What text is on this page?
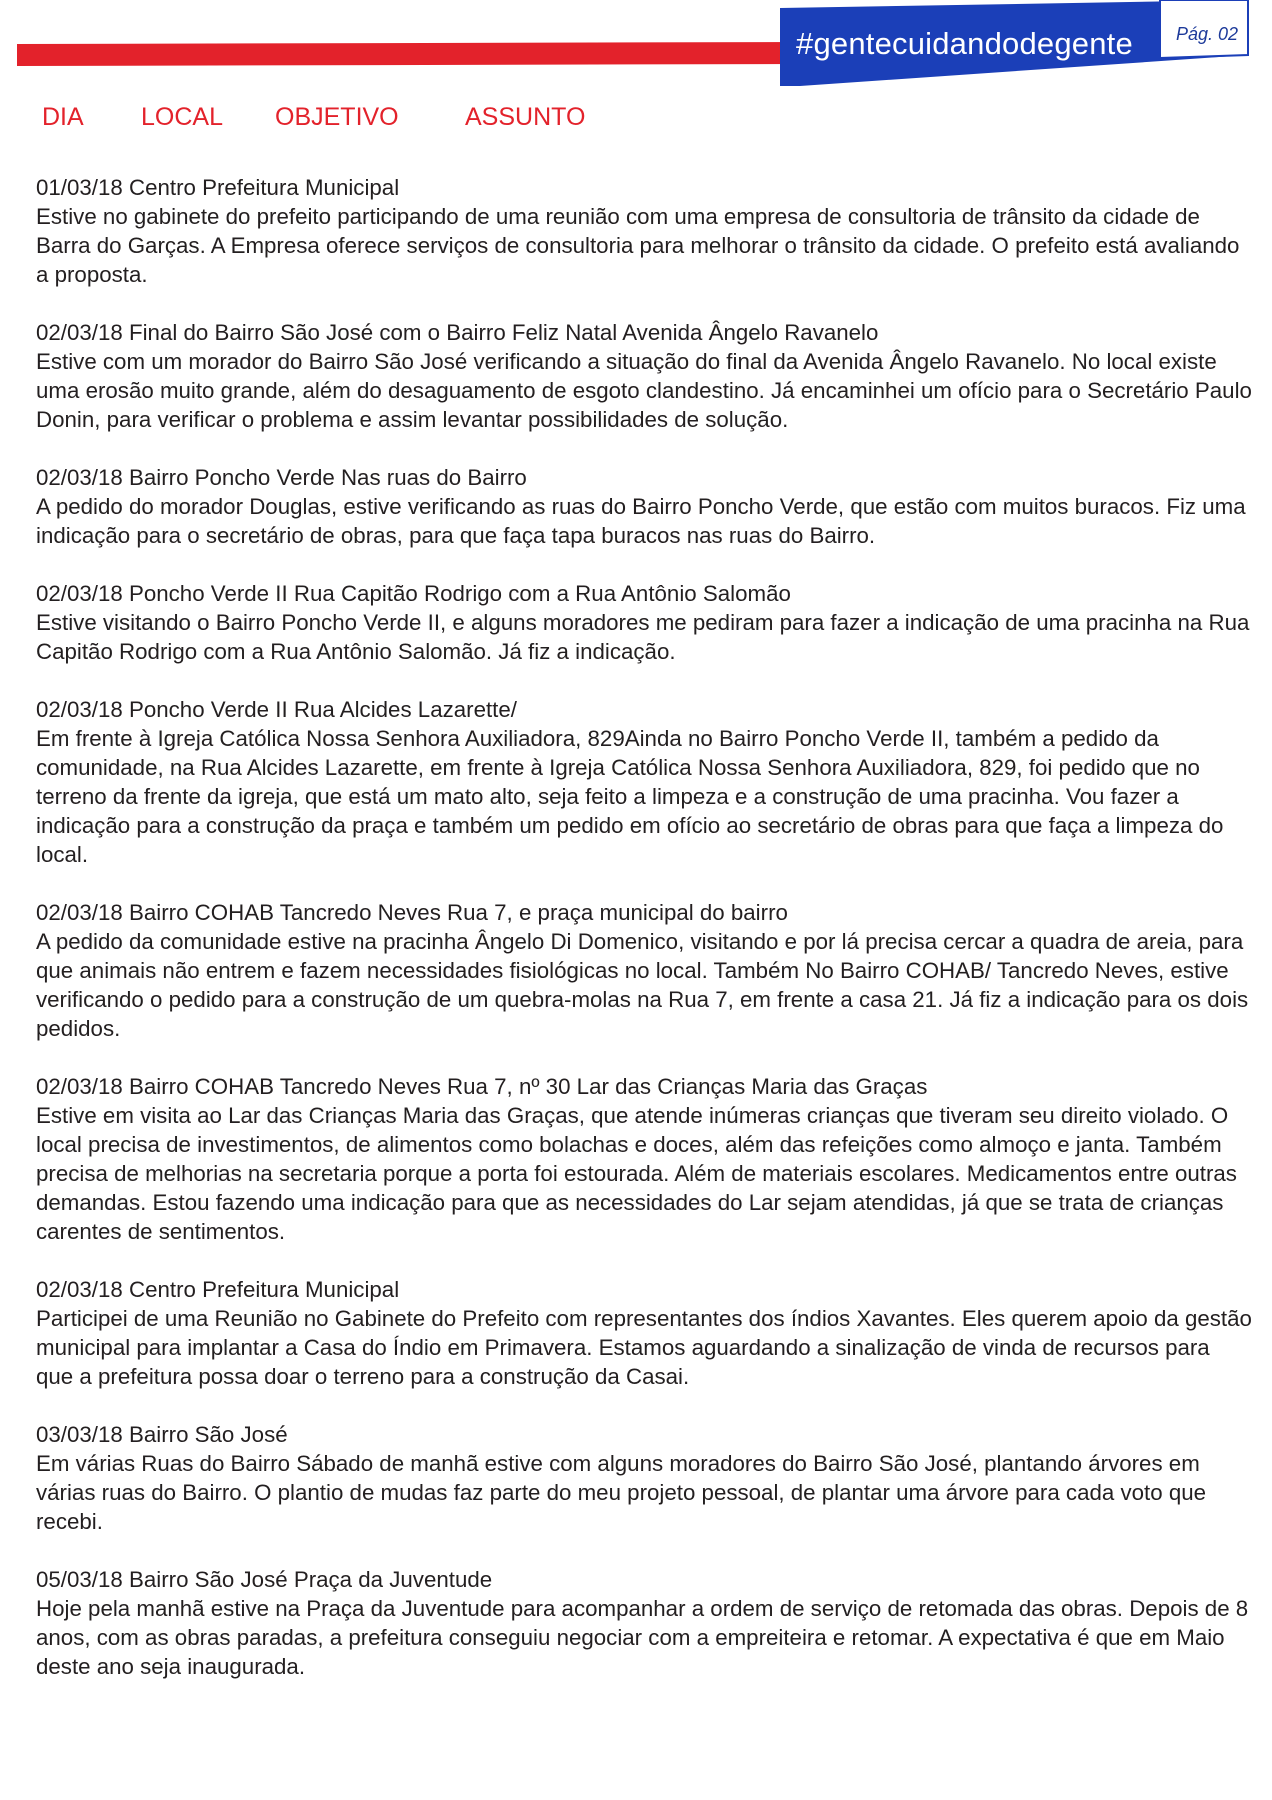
#gentecuidandodegente Pág. 02
DIA LOCAL OBJETIVO	ASSUNTO

01/03/18 Centro Prefeitura Municipal

Estive no gabinete do prefeito participando de uma reunião com uma empresa de consultoria de trânsito da cidade de Barra do Garças. A Empresa oferece serviços de consultoria para melhorar o trânsito da cidade. O prefeito está avaliando a proposta.

02/03/18 Final do Bairro São José com o Bairro Feliz Natal Avenida Ângelo Ravanelo

Estive com um morador do Bairro São José verificando a situação do final da Avenida Ângelo Ravanelo. No local existe uma erosão muito grande, além do desaguamento de esgoto clandestino. Já encaminhei um ofício para o Secretário Paulo Donin, para verificar o problema e assim levantar possibilidades de solução.

02/03/18 Bairro Poncho Verde Nas ruas do Bairro

A pedido do morador Douglas, estive verificando as ruas do Bairro Poncho Verde, que estão com muitos buracos. Fiz uma indicação para o secretário de obras, para que faça tapa buracos nas ruas do Bairro.

02/03/18 Poncho Verde II Rua Capitão Rodrigo com a Rua Antônio Salomão

Estive visitando o Bairro Poncho Verde II, e alguns moradores me pediram para fazer a indicação de uma pracinha na Rua Capitão Rodrigo com a Rua Antônio Salomão. Já fiz a indicação.

02/03/18 Poncho Verde II Rua Alcides Lazarette/

Em frente à Igreja Católica Nossa Senhora Auxiliadora, 829Ainda no Bairro Poncho Verde II, também a pedido da comunidade, na Rua Alcides Lazarette, em frente à Igreja Católica Nossa Senhora Auxiliadora, 829, foi pedido que no terreno da frente da igreja, que está um mato alto, seja feito a limpeza e a construção de uma pracinha. Vou fazer a indicação para a construção da praça e também um pedido em ofício ao secretário de obras para que faça a limpeza do local.

02/03/18 Bairro COHAB Tancredo Neves Rua 7, e praça municipal do bairro

A pedido da comunidade estive na pracinha Ângelo Di Domenico, visitando e por lá precisa cercar a quadra de areia, para que animais não entrem e fazem necessidades fisiológicas no local. Também No Bairro COHAB/ Tancredo Neves, estive verificando o pedido para a construção de um quebra-molas na Rua 7, em frente a casa 21. Já fiz a indicação para os dois pedidos.

02/03/18 Bairro COHAB Tancredo Neves Rua 7, nº 30 Lar das Crianças Maria das Graças

Estive em visita ao Lar das Crianças Maria das Graças, que atende inúmeras crianças que tiveram seu direito violado. O local precisa de investimentos, de alimentos como bolachas e doces, além das refeições como almoço e janta. Também precisa de melhorias na secretaria porque a porta foi estourada. Além de materiais escolares. Medicamentos entre outras demandas. Estou fazendo uma indicação para que as necessidades do Lar sejam atendidas, já que se trata de crianças carentes de sentimentos.

02/03/18 Centro Prefeitura Municipal

Participei de uma Reunião no Gabinete do Prefeito com representantes dos índios Xavantes. Eles querem apoio da gestão municipal para implantar a Casa do Índio em Primavera. Estamos aguardando a sinalização de vinda de recursos para que a prefeitura possa doar o terreno para a construção da Casai.

03/03/18 Bairro São José

Em várias Ruas do Bairro Sábado de manhã estive com alguns moradores do Bairro São José, plantando árvores em várias ruas do Bairro. O plantio de mudas faz parte do meu projeto pessoal, de plantar uma árvore para cada voto que recebi.

05/03/18 Bairro São José Praça da Juventude

Hoje pela manhã estive na Praça da Juventude para acompanhar a ordem de serviço de retomada das obras. Depois de 8 anos, com as obras paradas, a prefeitura conseguiu negociar com a empreiteira e retomar. A expectativa é que em Maio deste ano seja inaugurada.
